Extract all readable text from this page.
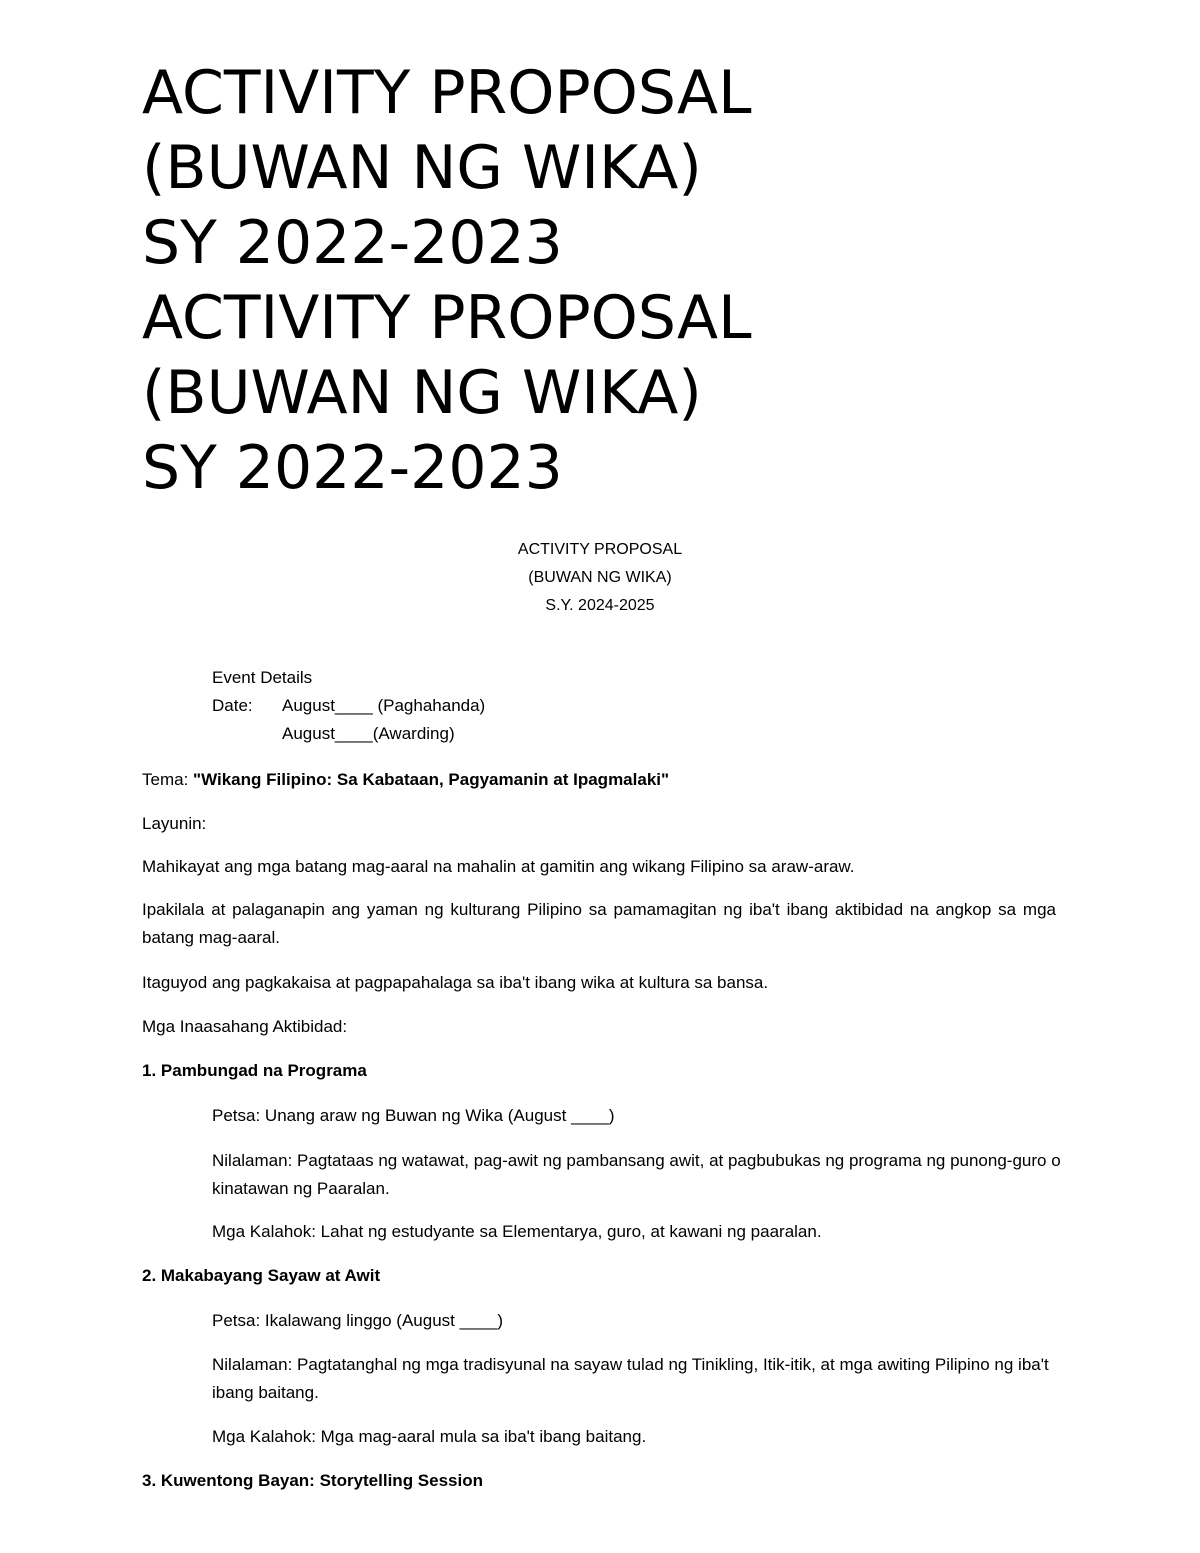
ACTIVITY PROPOSAL
(BUWAN NG WIKA)
SY 2022-2023
ACTIVITY PROPOSAL
(BUWAN NG WIKA)
SY 2022-2023
ACTIVITY PROPOSAL
(BUWAN NG WIKA)
S.Y. 2024-2025
Event Details
Date: August____ (Paghahanda)
August____(Awarding)
Tema: "Wikang Filipino: Sa Kabataan, Pagyamanin at Ipagmalaki"
Layunin:
Mahikayat ang mga batang mag-aaral na mahalin at gamitin ang wikang Filipino sa araw-araw.
Ipakilala at palaganapin ang yaman ng kulturang Pilipino sa pamamagitan ng iba't ibang aktibidad na angkop sa mga batang mag-aaral.
Itaguyod ang pagkakaisa at pagpapahalaga sa iba't ibang wika at kultura sa bansa.
Mga Inaasahang Aktibidad:
1. Pambungad na Programa
Petsa: Unang araw ng Buwan ng Wika (August ____)
Nilalaman: Pagtataas ng watawat, pag-awit ng pambansang awit, at pagbubukas ng programa ng punong-guro o kinatawan ng Paaralan.
Mga Kalahok: Lahat ng estudyante sa Elementarya, guro, at kawani ng paaralan.
2. Makabayang Sayaw at Awit
Petsa: Ikalawang linggo (August ____)
Nilalaman: Pagtatanghal ng mga tradisyunal na sayaw tulad ng Tinikling, Itik-itik, at mga awiting Pilipino ng iba't ibang baitang.
Mga Kalahok: Mga mag-aaral mula sa iba't ibang baitang.
3. Kuwentong Bayan: Storytelling Session
